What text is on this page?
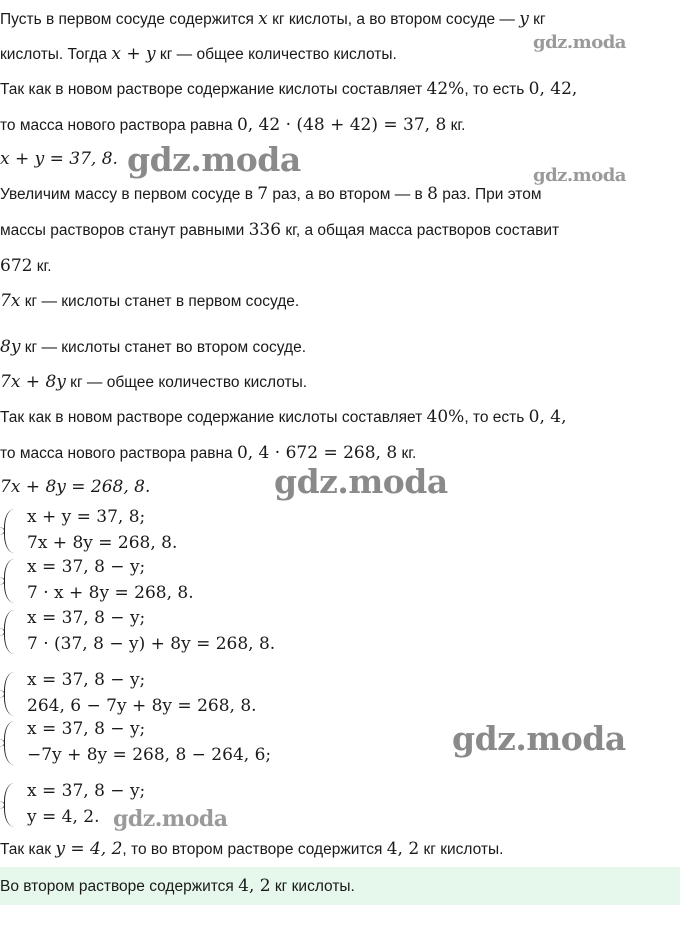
Пусть в первом сосуде содержится x кг кислоты, а во втором сосуде — y кг
кислоты. Тогда x + y кг — общее количество кислоты.
Так как в новом растворе содержание кислоты составляет 42%, то есть 0, 42,
то масса нового раствора равна 0, 42 · (48 + 42) = 37, 8 кг.
x + y = 37, 8.
Увеличим массу в первом сосуде в 7 раз, а во втором — в 8 раз. При этом
массы растворов станут равными 336 кг, а общая масса растворов составит
672 кг.
7x кг — кислоты станет в первом сосуде.
8y кг — кислоты станет во втором сосуде.
7x + 8y кг — общее количество кислоты.
Так как в новом растворе содержание кислоты составляет 40%, то есть 0, 4,
то масса нового раствора равна 0, 4 · 672 = 268, 8 кг.
7x + 8y = 268, 8.
x + y = 37, 8;
7x + 8y = 268, 8.
x = 37, 8 − y;
7 · x + 8y = 268, 8.
x = 37, 8 − y;
7 · (37, 8 − y) + 8y = 268, 8.
x = 37, 8 − y;
264, 6 − 7y + 8y = 268, 8.
x = 37, 8 − y;
−7y + 8y = 268, 8 − 264, 6;
x = 37, 8 − y;
y = 4, 2.
Так как y = 4, 2, то во втором растворе содержится 4, 2 кг кислоты.
Во втором растворе содержится 4, 2 кг кислоты.
gdz.moda
gdz.moda	gdz.moda
gdz.moda
gdz.moda
gdz.moda
